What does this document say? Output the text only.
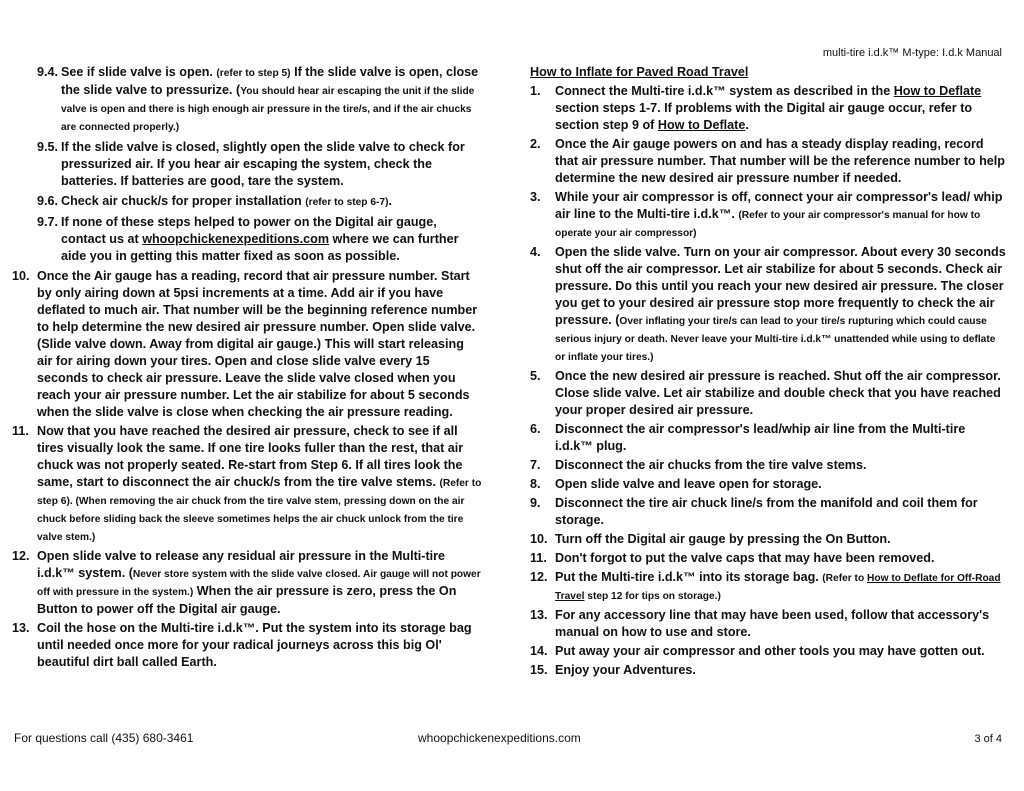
multi-tire i.d.k™ M-type: I.d.k Manual
9.4. See if slide valve is open. (refer to step 5) If the slide valve is open, close the slide valve to pressurize. (You should hear air escaping the unit if the slide valve is open and there is high enough air pressure in the tire/s, and if the air chucks are connected properly.)
9.5. If the slide valve is closed, slightly open the slide valve to check for pressurized air. If you hear air escaping the system, check the batteries. If batteries are good, tare the system.
9.6. Check air chuck/s for proper installation (refer to step 6-7).
9.7. If none of these steps helped to power on the Digital air gauge, contact us at whoopchickenexpeditions.com where we can further aide you in getting this matter fixed as soon as possible.
10. Once the Air gauge has a reading, record that air pressure number. Start by only airing down at 5psi increments at a time. Add air if you have deflated to much air. That number will be the beginning reference number to help determine the new desired air pressure number. Open slide valve. (Slide valve down. Away from digital air gauge.) This will start releasing air for airing down your tires. Open and close slide valve every 15 seconds to check air pressure. Leave the slide valve closed when you reach your air pressure number. Let the air stabilize for about 5 seconds when the slide valve is close when checking the air pressure reading.
11. Now that you have reached the desired air pressure, check to see if all tires visually look the same. If one tire looks fuller than the rest, that air chuck was not properly seated. Re-start from Step 6. If all tires look the same, start to disconnect the air chuck/s from the tire valve stems. (Refer to step 6). (When removing the air chuck from the tire valve stem, pressing down on the air chuck before sliding back the sleeve sometimes helps the air chuck unlock from the tire valve stem.)
12. Open slide valve to release any residual air pressure in the Multi-tire i.d.k™ system. (Never store system with the slide valve closed. Air gauge will not power off with pressure in the system.) When the air pressure is zero, press the On Button to power off the Digital air gauge.
13. Coil the hose on the Multi-tire i.d.k™. Put the system into its storage bag until needed once more for your radical journeys across this big Ol' beautiful dirt ball called Earth.
How to Inflate for Paved Road Travel
1. Connect the Multi-tire i.d.k™ system as described in the How to Deflate section steps 1-7. If problems with the Digital air gauge occur, refer to section step 9 of How to Deflate.
2. Once the Air gauge powers on and has a steady display reading, record that air pressure number. That number will be the reference number to help determine the new desired air pressure number if needed.
3. While your air compressor is off, connect your air compressor's lead/ whip air line to the Multi-tire i.d.k™. (Refer to your air compressor's manual for how to operate your air compressor)
4. Open the slide valve. Turn on your air compressor. About every 30 seconds shut off the air compressor. Let air stabilize for about 5 seconds. Check air pressure. Do this until you reach your new desired air pressure. The closer you get to your desired air pressure stop more frequently to check the air pressure. (Over inflating your tire/s can lead to your tire/s rupturing which could cause serious injury or death. Never leave your Multi-tire i.d.k™ unattended while using to deflate or inflate your tires.)
5. Once the new desired air pressure is reached. Shut off the air compressor. Close slide valve. Let air stabilize and double check that you have reached your proper desired air pressure.
6. Disconnect the air compressor's lead/whip air line from the Multi-tire i.d.k™ plug.
7. Disconnect the air chucks from the tire valve stems.
8. Open slide valve and leave open for storage.
9. Disconnect the tire air chuck line/s from the manifold and coil them for storage.
10. Turn off the Digital air gauge by pressing the On Button.
11. Don't forgot to put the valve caps that may have been removed.
12. Put the Multi-tire i.d.k™ into its storage bag. (Refer to How to Deflate for Off-Road Travel step 12 for tips on storage.)
13. For any accessory line that may have been used, follow that accessory's manual on how to use and store.
14. Put away your air compressor and other tools you may have gotten out.
15. Enjoy your Adventures.
For questions call (435) 680-3461	whoopchickenexpeditions.com	3 of 4
